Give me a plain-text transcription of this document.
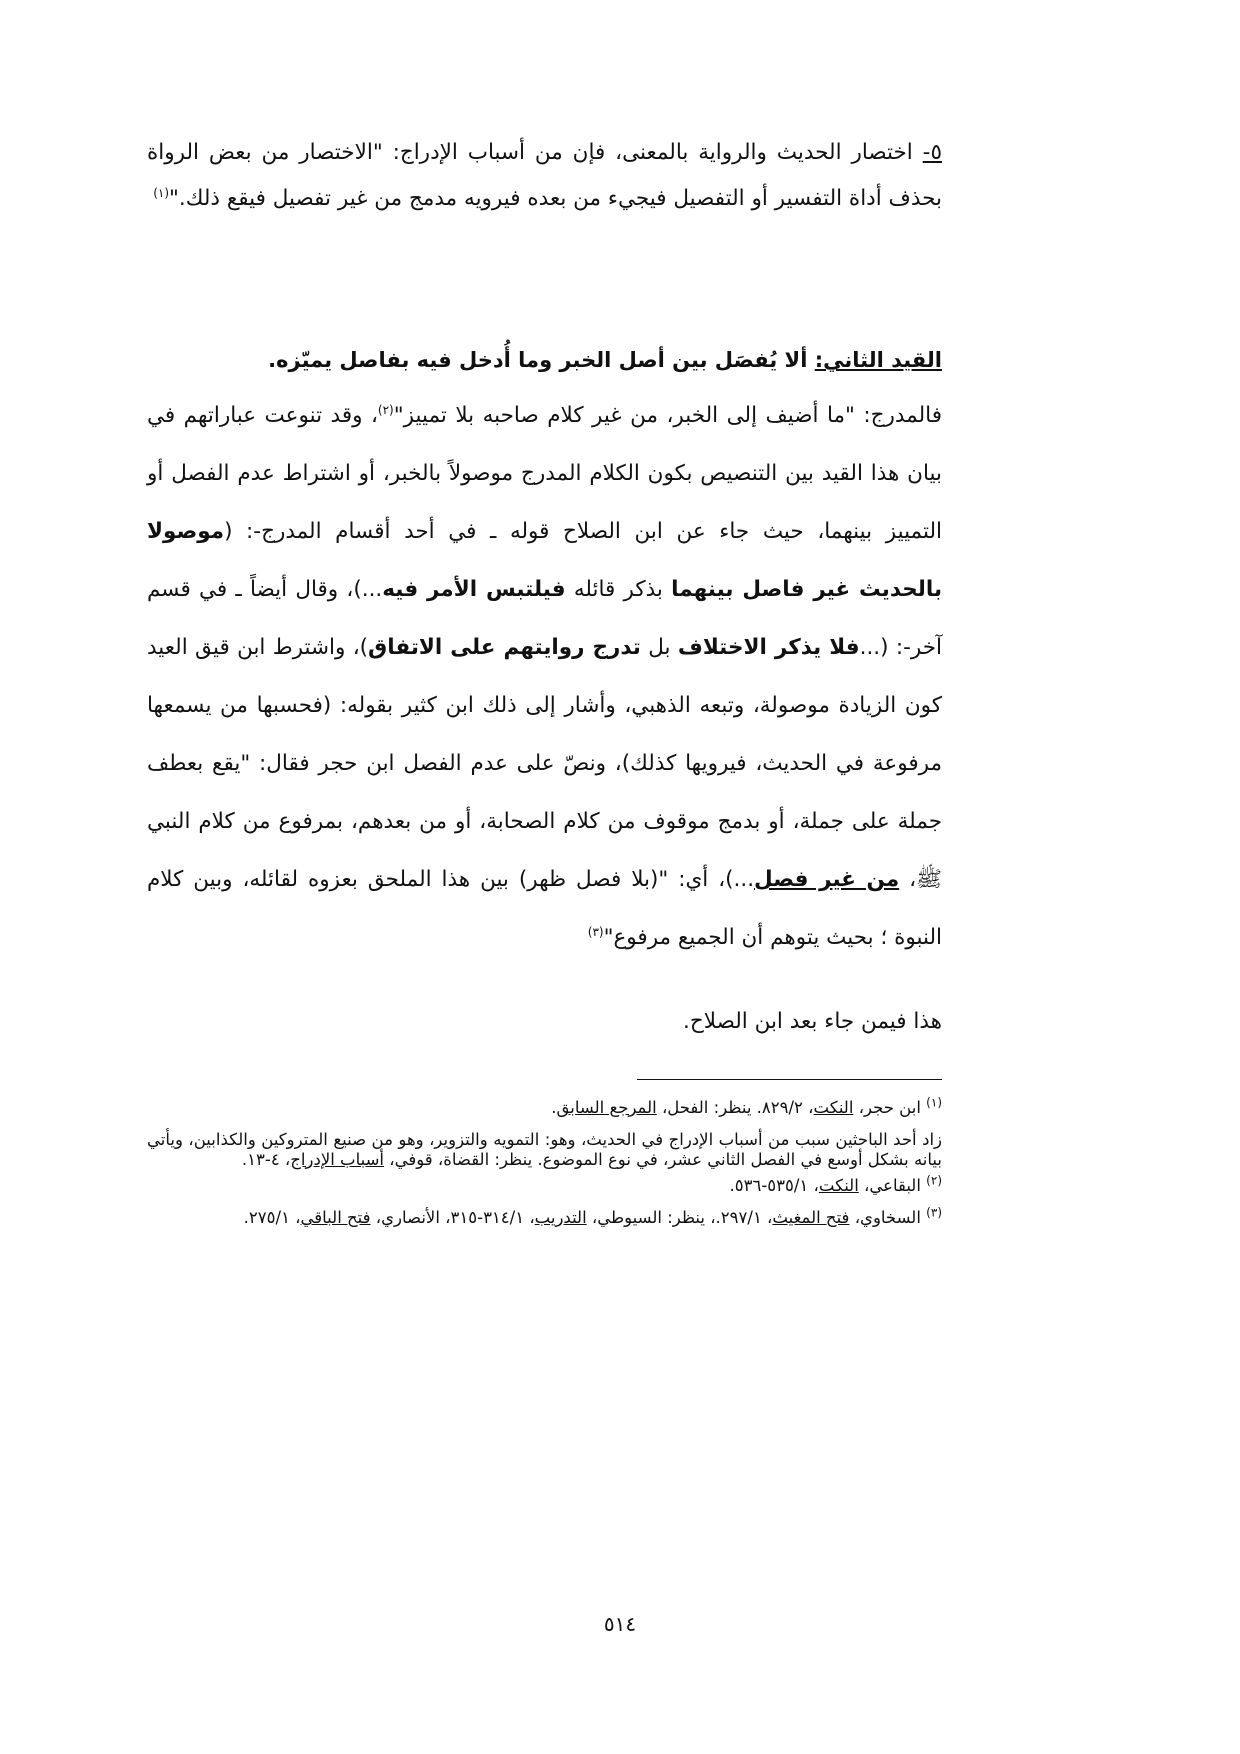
٥- اختصار الحديث والرواية بالمعنى، فإن من أسباب الإدراج: "الاختصار من بعض الرواة بحذف أداة التفسير أو التفصيل فيجيء من بعده فيرويه مدمج من غير تفصيل فيقع ذلك."$^{(١)}$

القيد الثاني: ألا يُفصَل بين أصل الخبر وما أُدخل فيه بفاصل يميّزه.

فالمدرج: "ما أضيف إلى الخبر، من غير كلام صاحبه بلا تمييز"$^{(٢)}$، وقد تنوعت عباراتهم في بيان هذا القيد بين التنصيص بكون الكلام المدرج موصولاً بالخبر، أو اشتراط عدم الفصل أو التمييز بينهما، حيث جاء عن ابن الصلاح قوله ـ في أحد أقسام المدرج-: (موصولا بالحديث غير فاصل بينهما بذكر قائله فيلتبس الأمر فيه...)، وقال أيضاً ـ في قسم آخر-: (...فلا يذكر الاختلاف بل تدرج روايتهم على الاتفاق)، واشترط ابن قيق العيد كون الزيادة موصولة، وتبعه الذهبي، وأشار إلى ذلك ابن كثير بقوله: (فحسبها من يسمعها مرفوعة في الحديث، فيرويها كذلك)، ونصّ على عدم الفصل ابن حجر فقال: "يقع بعطف جملة على جملة، أو بدمج موقوف من كلام الصحابة، أو من بعدهم، بمرفوع من كلام النبي ﷺ، من غير فصل...)، أي: "(بلا فصل ظهر) بين هذا الملحق بعزوه لقائله، وبين كلام النبوة ؛ بحيث يتوهم أن الجميع مرفوع"$^{(٣)}$

هذا فيمن جاء بعد ابن الصلاح.

$^{(١)}$ ابن حجر، النكت، ٨٢٩/٢. ينظر: الفحل، المرجع السابق.

زاد أحد الباحثين سبب من أسباب الإدراج في الحديث، وهو: التمويه والتزوير، وهو من صنيع المتروكين والكذابين، ويأتي بيانه بشكل أوسع في الفصل الثاني عشر، في نوع الموضوع. ينظر: القضاة، قوفي، أسباب الإدراج، ٤-١٣.

$^{(٢)}$ البقاعي، النكت، ٥٣٥/١-٥٣٦.

$^{(٣)}$ السخاوي، فتح المغيث، ٢٩٧/١.، ينظر: السيوطي، التدريب، ٣١٤/١-٣١٥، الأنصاري، فتح الباقي، ٢٧٥/١.

٥١٤
